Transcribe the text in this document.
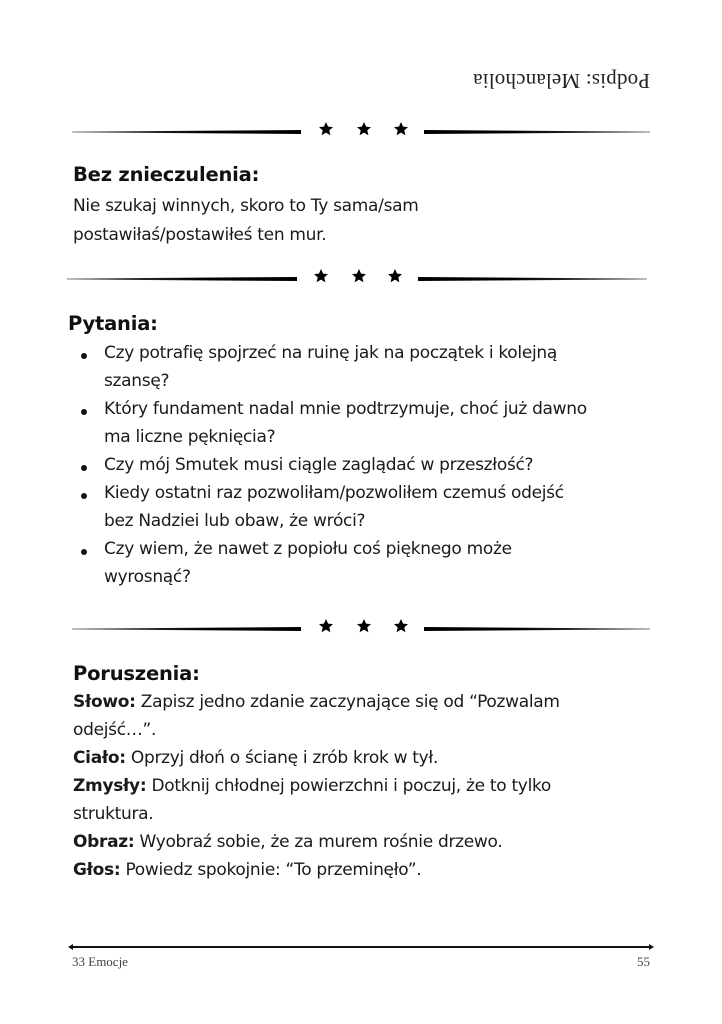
Podpis: Melancholia
Bez znieczulenia:
Nie szukaj winnych, skoro to Ty sama/sam
postawiłaś/postawiłeś ten mur.
Pytania:
Czy potrafię spojrzeć na ruinę jak na początek i kolejną
szansę?
Który fundament nadal mnie podtrzymuje, choć już dawno
ma liczne pęknięcia?
Czy mój Smutek musi ciągle zaglądać w przeszłość?
Kiedy ostatni raz pozwoliłam/pozwoliłem czemuś odejść
bez Nadziei lub obaw, że wróci?
Czy wiem, że nawet z popiołu coś pięknego może
wyrosnąć?
Poruszenia:
Słowo: Zapisz jedno zdanie zaczynające się od “Pozwalam
odejść…”.
Ciało: Oprzyj dłoń o ścianę i zrób krok w tył.
Zmysły: Dotknij chłodnej powierzchni i poczuj, że to tylko
struktura.
Obraz: Wyobraź sobie, że za murem rośnie drzewo.
Głos: Powiedz spokojnie: “To przeminęło”.
33 Emocje	55
